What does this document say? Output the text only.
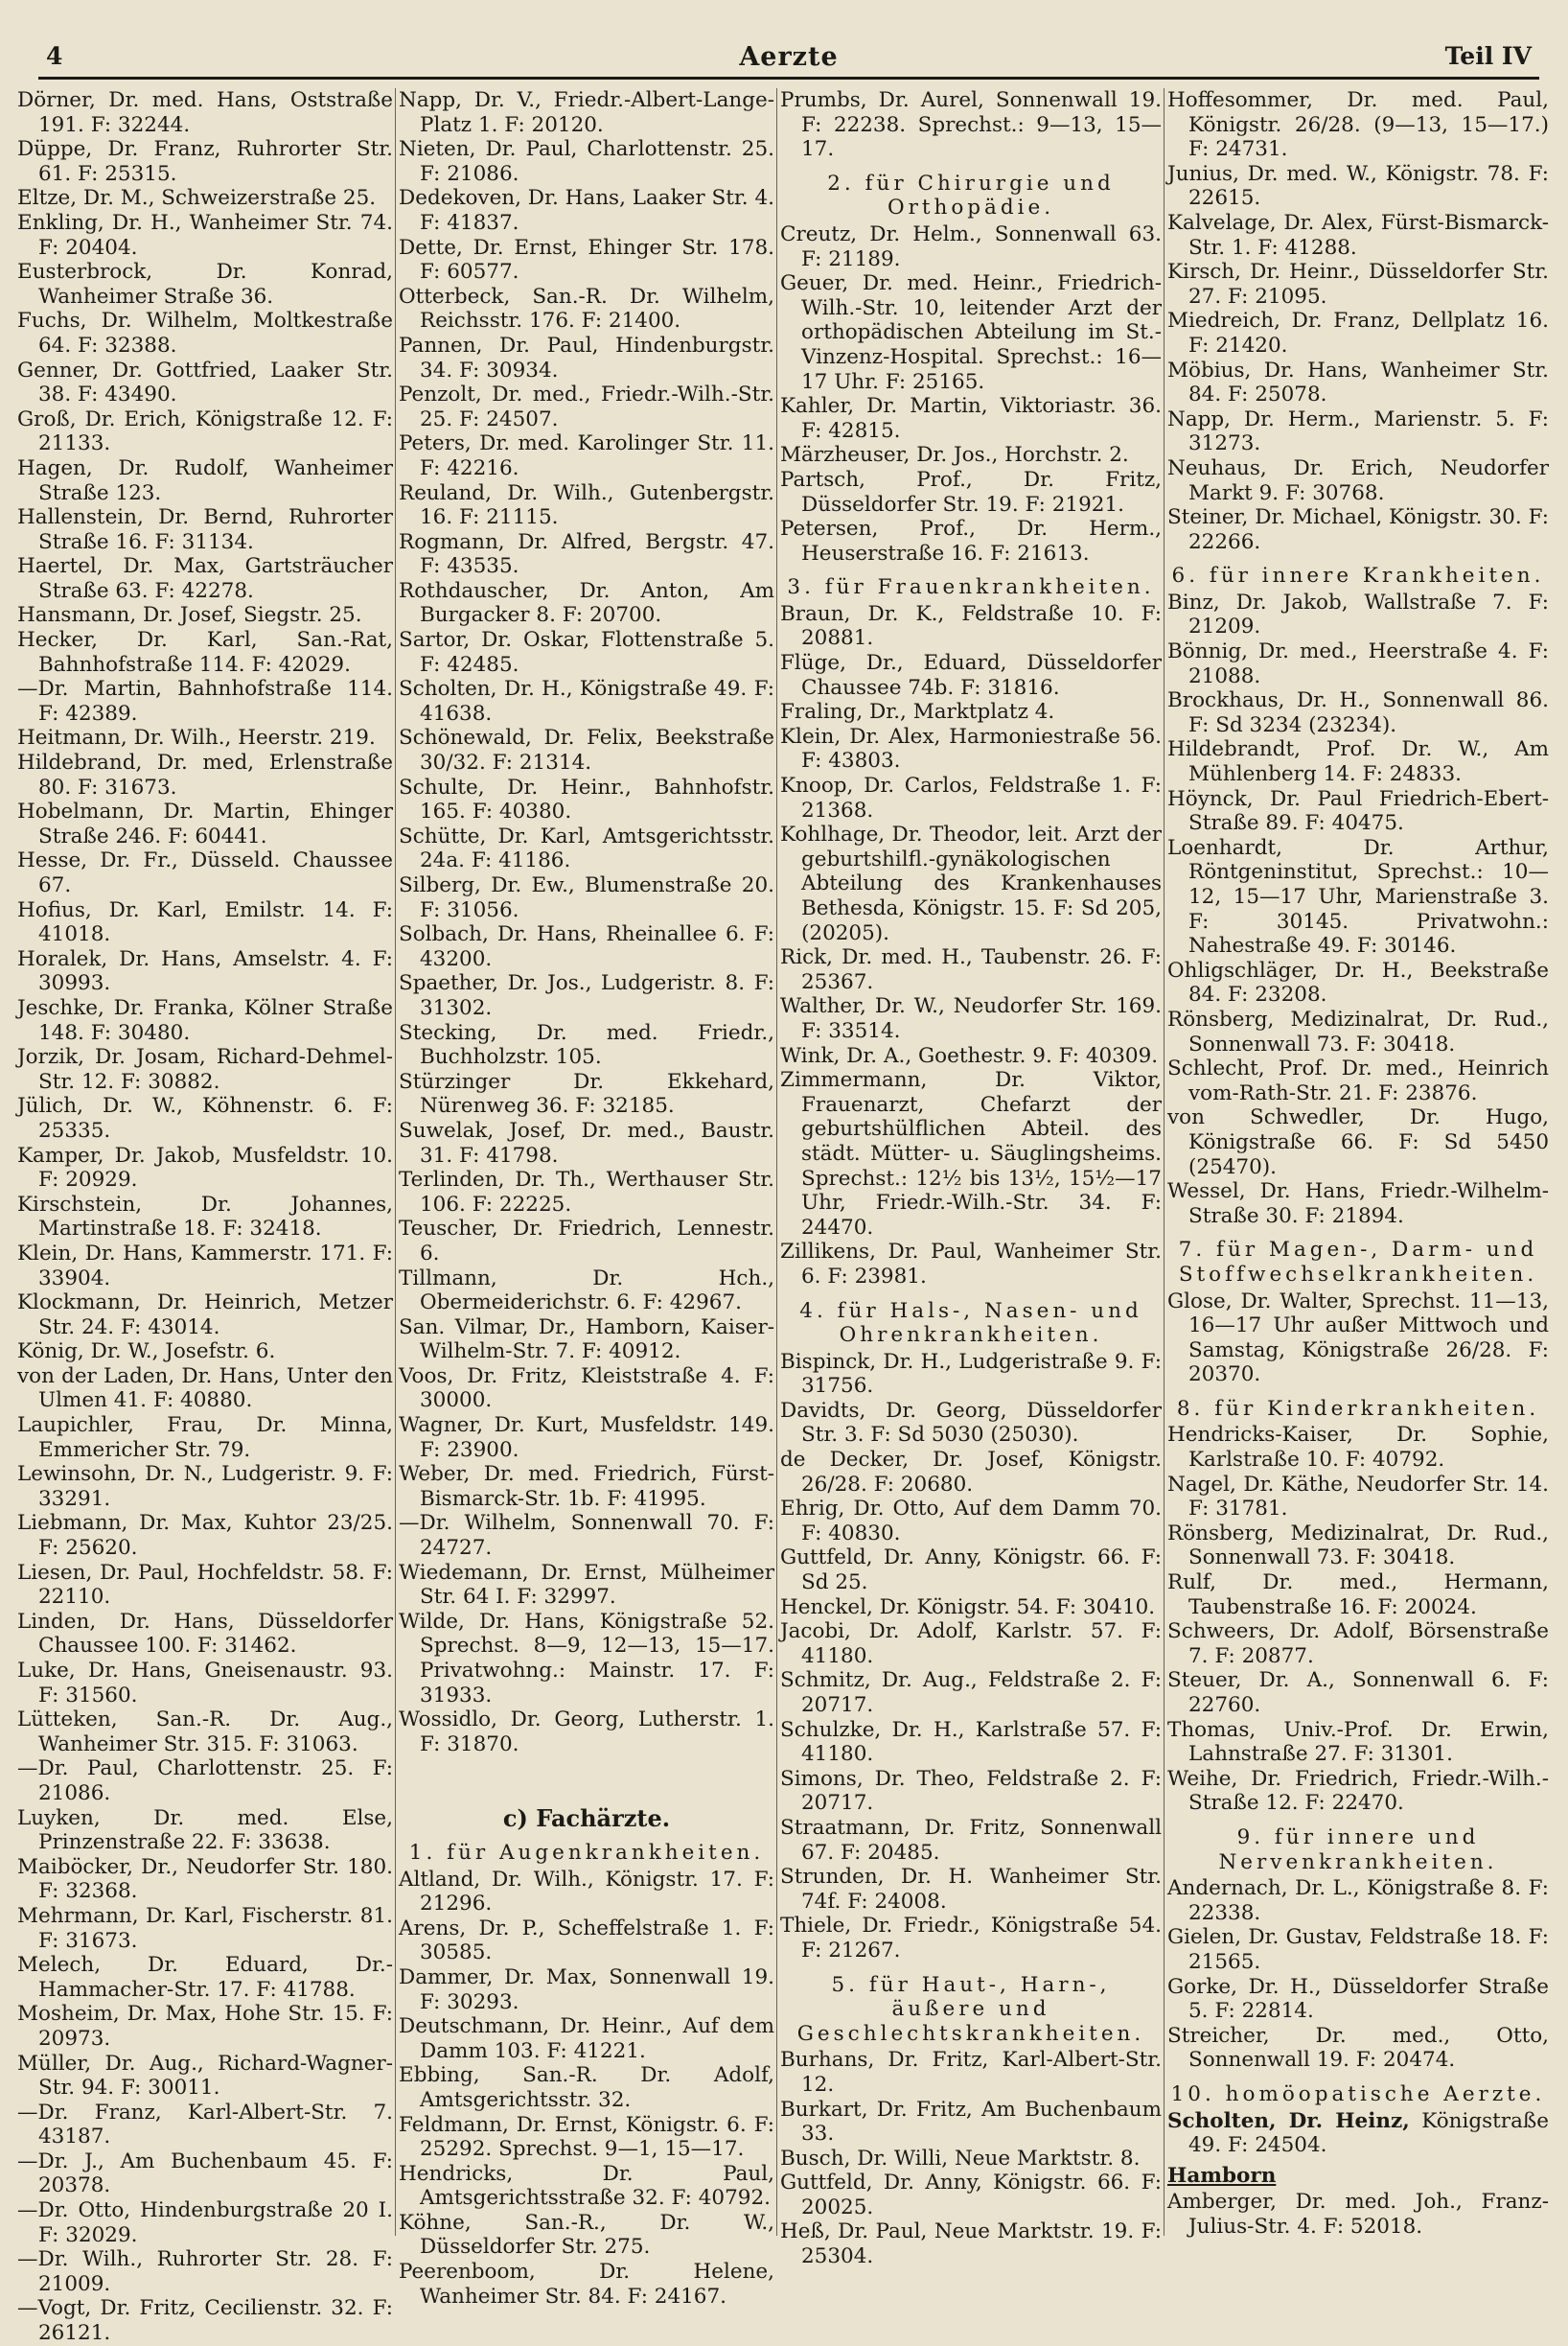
4	Aerzte	Teil IV
Dörner, Dr. med. Hans, Oststraße 191. F: 32244.
Düppe, Dr. Franz, Ruhrorter Str. 61. F: 25315.
Eltze, Dr. M., Schweizerstraße 25.
Enkling, Dr. H., Wanheimer Str. 74. F: 20404.
Eusterbrock, Dr. Konrad, Wanheimer Straße 36.
Fuchs, Dr. Wilhelm, Moltkestraße 64. F: 32388.
Genner, Dr. Gottfried, Laaker Str. 38. F: 43490.
Groß, Dr. Erich, Königstraße 12. F: 21133.
Hagen, Dr. Rudolf, Wanheimer Straße 123.
Hallenstein, Dr. Bernd, Ruhrorter Straße 16. F: 31134.
Haertel, Dr. Max, Gartsträucher Straße 63. F: 42278.
Hansmann, Dr. Josef, Siegstr. 25.
Hecker, Dr. Karl, San.-Rat, Bahnhofstraße 114. F: 42029.
—Dr. Martin, Bahnhofstraße 114. F: 42389.
Heitmann, Dr. Wilh., Heerstr. 219.
Hildebrand, Dr. med, Erlenstraße 80. F: 31673.
Hobelmann, Dr. Martin, Ehinger Straße 246. F: 60441.
Hesse, Dr. Fr., Düsseld. Chaussee 67.
Hofius, Dr. Karl, Emilstr. 14. F: 41018.
Horalek, Dr. Hans, Amselstr. 4. F: 30993.
Jeschke, Dr. Franka, Kölner Straße 148. F: 30480.
Jorzik, Dr. Josam, Richard-Dehmel-Str. 12. F: 30882.
Jülich, Dr. W., Köhnenstr. 6. F: 25335.
Kamper, Dr. Jakob, Musfeldstr. 10. F: 20929.
Kirschstein, Dr. Johannes, Martinstraße 18. F: 32418.
Klein, Dr. Hans, Kammerstr. 171. F: 33904.
Klockmann, Dr. Heinrich, Metzer Str. 24. F: 43014.
König, Dr. W., Josefstr. 6.
von der Laden, Dr. Hans, Unter den Ulmen 41. F: 40880.
Laupichler, Frau, Dr. Minna, Emmericher Str. 79.
Lewinsohn, Dr. N., Ludgeristr. 9. F: 33291.
Liebmann, Dr. Max, Kuhtor 23/25. F: 25620.
Liesen, Dr. Paul, Hochfeldstr. 58. F: 22110.
Linden, Dr. Hans, Düsseldorfer Chaussee 100. F: 31462.
Luke, Dr. Hans, Gneisenaustr. 93. F: 31560.
Lütteken, San.-R. Dr. Aug., Wanheimer Str. 315. F: 31063.
—Dr. Paul, Charlottenstr. 25. F: 21086.
Luyken, Dr. med. Else, Prinzenstraße 22. F: 33638.
Maiböcker, Dr., Neudorfer Str. 180. F: 32368.
Mehrmann, Dr. Karl, Fischerstr. 81. F: 31673.
Melech, Dr. Eduard, Dr.-Hammacher-Str. 17. F: 41788.
Mosheim, Dr. Max, Hohe Str. 15. F: 20973.
Müller, Dr. Aug., Richard-Wagner-Str. 94. F: 30011.
—Dr. Franz, Karl-Albert-Str. 7. 43187.
—Dr. J., Am Buchenbaum 45. F: 20378.
—Dr. Otto, Hindenburgstraße 20 I. F: 32029.
—Dr. Wilh., Ruhrorter Str. 28. F: 21009.
—Vogt, Dr. Fritz, Cecilienstr. 32. F: 26121.
Napp, Dr. V., Friedr.-Albert-Lange-Platz 1. F: 20120.
Nieten, Dr. Paul, Charlottenstr. 25. F: 21086.
Dedekoven, Dr. Hans, Laaker Str. 4. F: 41837.
Dette, Dr. Ernst, Ehinger Str. 178. F: 60577.
Otterbeck, San.-R. Dr. Wilhelm, Reichsstr. 176. F: 21400.
Pannen, Dr. Paul, Hindenburgstr. 34. F: 30934.
Penzolt, Dr. med., Friedr.-Wilh.-Str. 25. F: 24507.
Peters, Dr. med. Karolinger Str. 11. F: 42216.
Reuland, Dr. Wilh., Gutenbergstr. 16. F: 21115.
Rogmann, Dr. Alfred, Bergstr. 47. F: 43535.
Rothdauscher, Dr. Anton, Am Burgacker 8. F: 20700.
Sartor, Dr. Oskar, Flottenstraße 5. F: 42485.
Scholten, Dr. H., Königstraße 49. F: 41638.
Schönewald, Dr. Felix, Beekstraße 30/32. F: 21314.
Schulte, Dr. Heinr., Bahnhofstr. 165. F: 40380.
Schütte, Dr. Karl, Amtsgerichtsstr. 24a. F: 41186.
Silberg, Dr. Ew., Blumenstraße 20. F: 31056.
Solbach, Dr. Hans, Rheinallee 6. F: 43200.
Spaether, Dr. Jos., Ludgeristr. 8. F: 31302.
Stecking, Dr. med. Friedr., Buchholzstr. 105.
Stürzinger Dr. Ekkehard, Nürenweg 36. F: 32185.
Suwelak, Josef, Dr. med., Baustr. 31. F: 41798.
Terlinden, Dr. Th., Werthauser Str. 106. F: 22225.
Teuscher, Dr. Friedrich, Lennestr. 6.
Tillmann, Dr. Hch., Obermeiderichstr. 6. F: 42967.
San. Vilmar, Dr., Hamborn, Kaiser-Wilhelm-Str. 7. F: 40912.
Voos, Dr. Fritz, Kleiststraße 4. F: 30000.
Wagner, Dr. Kurt, Musfeldstr. 149. F: 23900.
Weber, Dr. med. Friedrich, Fürst-Bismarck-Str. 1b. F: 41995.
—Dr. Wilhelm, Sonnenwall 70. F: 24727.
Wiedemann, Dr. Ernst, Mülheimer Str. 64 I. F: 32997.
Wilde, Dr. Hans, Königstraße 52. Sprechst. 8—9, 12—13, 15—17. Privatwohng.: Mainstr. 17. F: 31933.
Wossidlo, Dr. Georg, Lutherstr. 1. F: 31870.
c) Fachärzte.
1. für Augenkrankheiten.
Altland, Dr. Wilh., Königstr. 17. F: 21296.
Arens, Dr. P., Scheffelstraße 1. F: 30585.
Dammer, Dr. Max, Sonnenwall 19. F: 30293.
Deutschmann, Dr. Heinr., Auf dem Damm 103. F: 41221.
Ebbing, San.-R. Dr. Adolf, Amtsgerichtsstr. 32.
Feldmann, Dr. Ernst, Königstr. 6. F: 25292. Sprechst. 9—1, 15—17.
Hendricks, Dr. Paul, Amtsgerichtsstraße 32. F: 40792.
Köhne, San.-R., Dr. W., Düsseldorfer Str. 275.
Peerenboom, Dr. Helene, Wanheimer Str. 84. F: 24167.
Prumbs, Dr. Aurel, Sonnenwall 19. F: 22238. Sprechst.: 9—13, 15—17.
2. für Chirurgie und Orthopädie.
Creutz, Dr. Helm., Sonnenwall 63. F: 21189.
Geuer, Dr. med. Heinr., Friedrich-Wilh.-Str. 10, leitender Arzt der orthopädischen Abteilung im St.-Vinzenz-Hospital. Sprechst.: 16—17 Uhr. F: 25165.
Kahler, Dr. Martin, Viktoriastr. 36. F: 42815.
Märzheuser, Dr. Jos., Horchstr. 2.
Partsch, Prof., Dr. Fritz, Düsseldorfer Str. 19. F: 21921.
Petersen, Prof., Dr. Herm., Heuserstraße 16. F: 21613.
3. für Frauenkrankheiten.
Braun, Dr. K., Feldstraße 10. F: 20881.
Flüge, Dr., Eduard, Düsseldorfer Chaussee 74b. F: 31816.
Fraling, Dr., Marktplatz 4.
Klein, Dr. Alex, Harmoniestraße 56. F: 43803.
Knoop, Dr. Carlos, Feldstraße 1. F: 21368.
Kohlhage, Dr. Theodor, leit. Arzt der geburtshilfl.-gynäkologischen Abteilung des Krankenhauses Bethesda, Königstr. 15. F: Sd 205, (20205).
Rick, Dr. med. H., Taubenstr. 26. F: 25367.
Walther, Dr. W., Neudorfer Str. 169. F: 33514.
Wink, Dr. A., Goethestr. 9. F: 40309.
Zimmermann, Dr. Viktor, Frauenarzt, Chefarzt der geburtshülflichen Abteil. des städt. Mütter- u. Säuglingsheims. Sprechst.: 12½ bis 13½, 15½—17 Uhr, Friedr.-Wilh.-Str. 34. F: 24470.
Zillikens, Dr. Paul, Wanheimer Str. 6. F: 23981.
4. für Hals-, Nasen- und Ohrenkrankheiten.
Bispinck, Dr. H., Ludgeristraße 9. F: 31756.
Davidts, Dr. Georg, Düsseldorfer Str. 3. F: Sd 5030 (25030).
de Decker, Dr. Josef, Königstr. 26/28. F: 20680.
Ehrig, Dr. Otto, Auf dem Damm 70. F: 40830.
Guttfeld, Dr. Anny, Königstr. 66. F: Sd 25.
Henckel, Dr. Königstr. 54. F: 30410.
Jacobi, Dr. Adolf, Karlstr. 57. F: 41180.
Schmitz, Dr. Aug., Feldstraße 2. F: 20717.
Schulzke, Dr. H., Karlstraße 57. F: 41180.
Simons, Dr. Theo, Feldstraße 2. F: 20717.
Straatmann, Dr. Fritz, Sonnenwall 67. F: 20485.
Strunden, Dr. H. Wanheimer Str. 74f. F: 24008.
Thiele, Dr. Friedr., Königstraße 54. F: 21267.
5. für Haut-, Harn-, äußere und Geschlechtskrankheiten.
Burhans, Dr. Fritz, Karl-Albert-Str. 12.
Burkart, Dr. Fritz, Am Buchenbaum 33.
Busch, Dr. Willi, Neue Marktstr. 8.
Guttfeld, Dr. Anny, Königstr. 66. F: 20025.
Heß, Dr. Paul, Neue Marktstr. 19. F: 25304.
Hoffesommer, Dr. med. Paul, Königstr. 26/28. (9—13, 15—17.) F: 24731.
Junius, Dr. med. W., Königstr. 78. F: 22615.
Kalvelage, Dr. Alex, Fürst-Bismarck-Str. 1. F: 41288.
Kirsch, Dr. Heinr., Düsseldorfer Str. 27. F: 21095.
Miedreich, Dr. Franz, Dellplatz 16. F: 21420.
Möbius, Dr. Hans, Wanheimer Str. 84. F: 25078.
Napp, Dr. Herm., Marienstr. 5. F: 31273.
Neuhaus, Dr. Erich, Neudorfer Markt 9. F: 30768.
Steiner, Dr. Michael, Königstr. 30. F: 22266.
6. für innere Krankheiten.
Binz, Dr. Jakob, Wallstraße 7. F: 21209.
Bönnig, Dr. med., Heerstraße 4. F: 21088.
Brockhaus, Dr. H., Sonnenwall 86. F: Sd 3234 (23234).
Hildebrandt, Prof. Dr. W., Am Mühlenberg 14. F: 24833.
Höynck, Dr. Paul Friedrich-Ebert-Straße 89. F: 40475.
Loenhardt, Dr. Arthur, Röntgeninstitut, Sprechst.: 10—12, 15—17 Uhr, Marienstraße 3. F: 30145. Privatwohn.: Nahestraße 49. F: 30146.
Ohligschläger, Dr. H., Beekstraße 84. F: 23208.
Rönsberg, Medizinalrat, Dr. Rud., Sonnenwall 73. F: 30418.
Schlecht, Prof. Dr. med., Heinrich vom-Rath-Str. 21. F: 23876.
von Schwedler, Dr. Hugo, Königstraße 66. F: Sd 5450 (25470).
Wessel, Dr. Hans, Friedr.-Wilhelm-Straße 30. F: 21894.
7. für Magen-, Darm- und Stoffwechselkrankheiten.
Glose, Dr. Walter, Sprechst. 11—13, 16—17 Uhr außer Mittwoch und Samstag, Königstraße 26/28. F: 20370.
8. für Kinderkrankheiten.
Hendricks-Kaiser, Dr. Sophie, Karlstraße 10. F: 40792.
Nagel, Dr. Käthe, Neudorfer Str. 14. F: 31781.
Rönsberg, Medizinalrat, Dr. Rud., Sonnenwall 73. F: 30418.
Rulf, Dr. med., Hermann, Taubenstraße 16. F: 20024.
Schweers, Dr. Adolf, Börsenstraße 7. F: 20877.
Steuer, Dr. A., Sonnenwall 6. F: 22760.
Thomas, Univ.-Prof. Dr. Erwin, Lahnstraße 27. F: 31301.
Weihe, Dr. Friedrich, Friedr.-Wilh.-Straße 12. F: 22470.
9. für innere und Nervenkrankheiten.
Andernach, Dr. L., Königstraße 8. F: 22338.
Gielen, Dr. Gustav, Feldstraße 18. F: 21565.
Gorke, Dr. H., Düsseldorfer Straße 5. F: 22814.
Streicher, Dr. med., Otto, Sonnenwall 19. F: 20474.
10. homöopatische Aerzte.
Scholten, Dr. Heinz, Königstraße 49. F: 24504.
Hamborn
Amberger, Dr. med. Joh., Franz-Julius-Str. 4. F: 52018.
